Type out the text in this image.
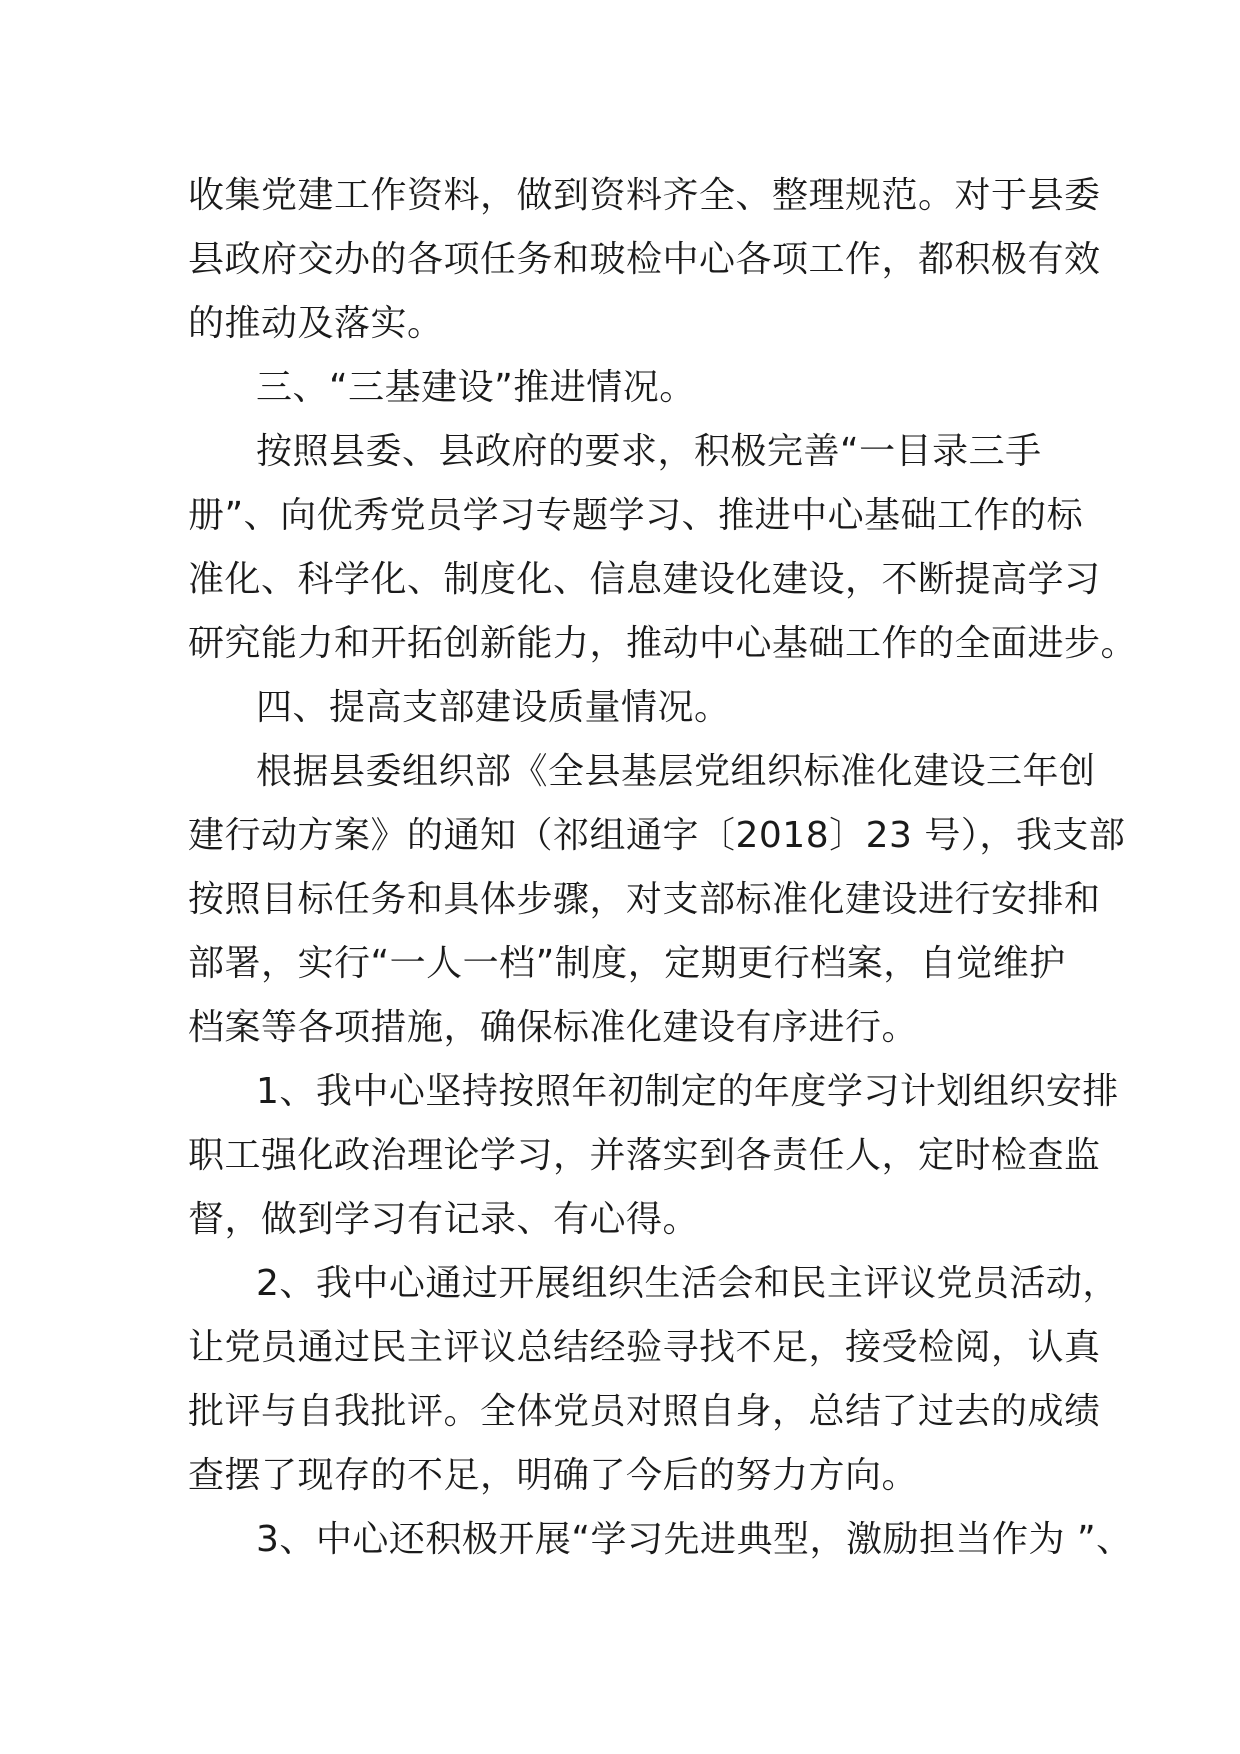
收集党建工作资料，做到资料齐全、整理规范。对于县委
县政府交办的各项任务和玻检中心各项工作，都积极有效
的推动及落实。
三、“三基建设”推进情况。
按照县委、县政府的要求，积极完善“一目录三手
册”、向优秀党员学习专题学习、推进中心基础工作的标
准化、科学化、制度化、信息建设化建设，不断提高学习
研究能力和开拓创新能力，推动中心基础工作的全面进步。
四、提高支部建设质量情况。
根据县委组织部《全县基层党组织标准化建设三年创
建行动方案》的通知（祁组通字〔2018〕23 号），我支部
按照目标任务和具体步骤，对支部标准化建设进行安排和
部署，实行“一人一档”制度，定期更行档案，自觉维护
档案等各项措施，确保标准化建设有序进行。
1、我中心坚持按照年初制定的年度学习计划组织安排
职工强化政治理论学习，并落实到各责任人，定时检查监
督，做到学习有记录、有心得。
2、我中心通过开展组织生活会和民主评议党员活动，
让党员通过民主评议总结经验寻找不足，接受检阅，认真
批评与自我批评。全体党员对照自身，总结了过去的成绩
查摆了现存的不足，明确了今后的努力方向。
3、中心还积极开展“学习先进典型，激励担当作为 ”、
